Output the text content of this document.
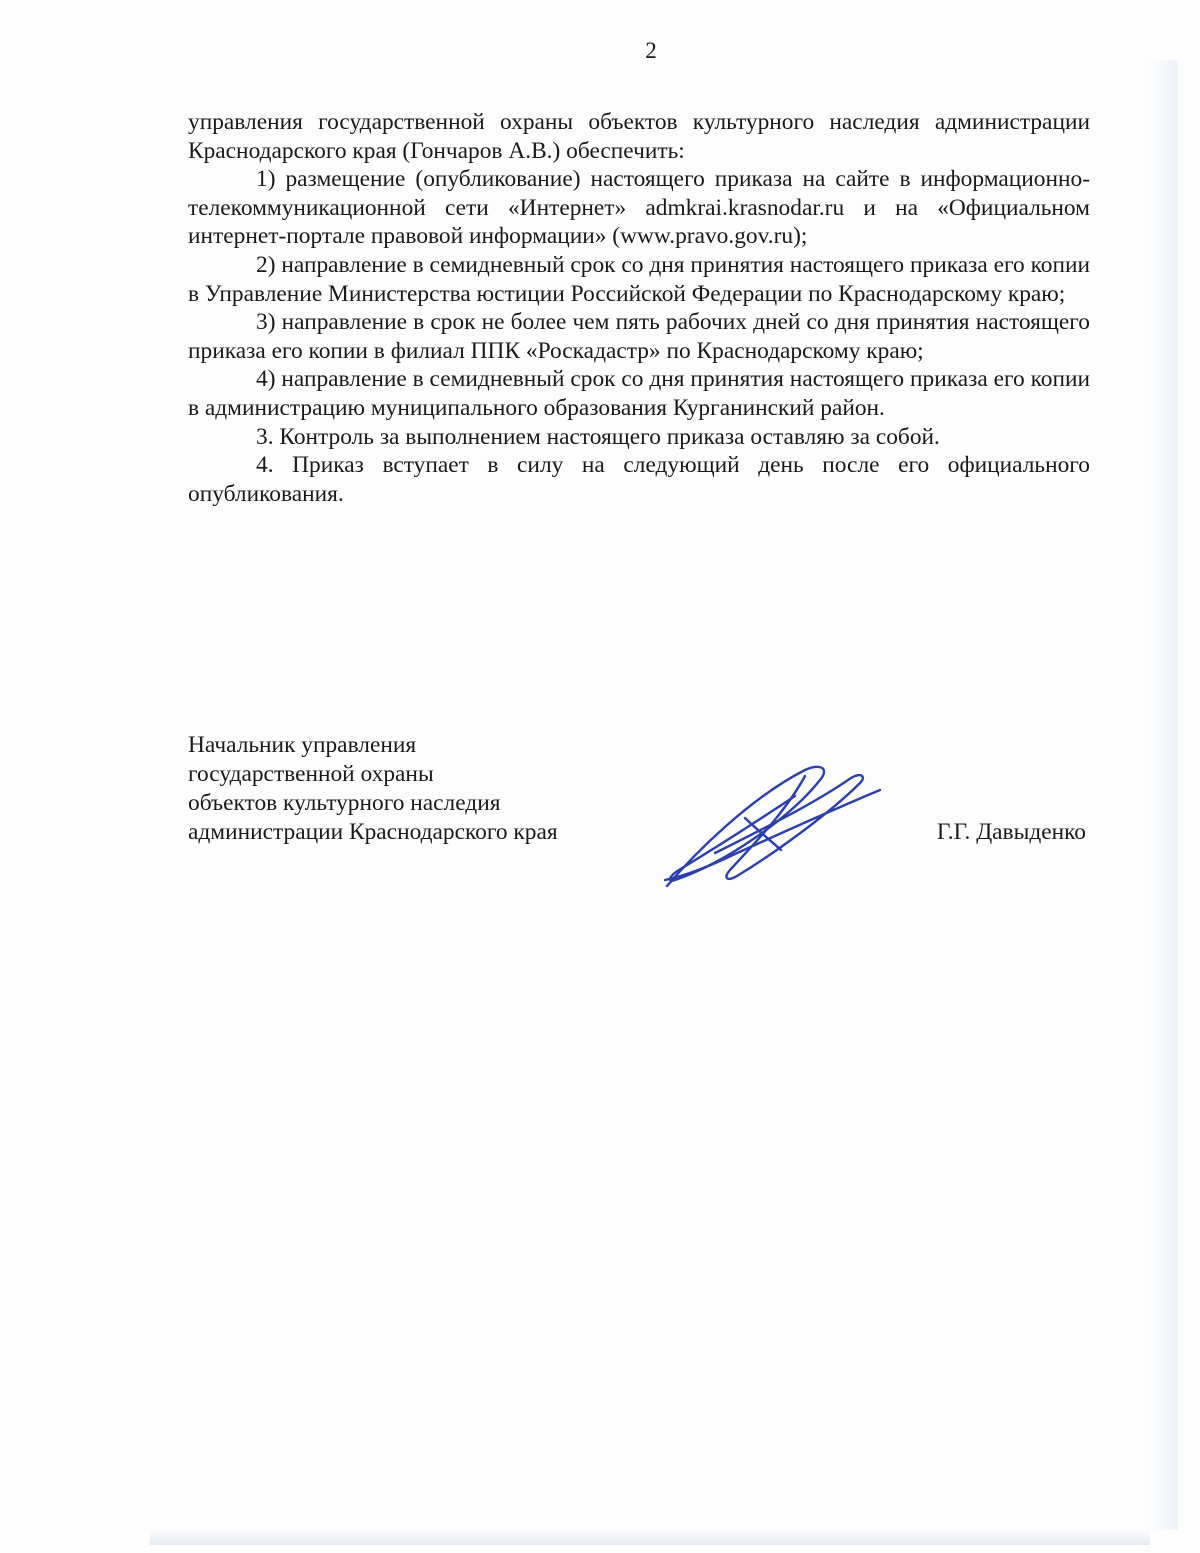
2

управления государственной охраны объектов культурного наследия администрации Краснодарского края (Гончаров А.В.) обеспечить:

1) размещение (опубликование) настоящего приказа на сайте в информационно-телекоммуникационной сети «Интернет» admkrai.krasnodar.ru и на «Официальном интернет-портале правовой информации» (www.pravo.gov.ru);

2) направление в семидневный срок со дня принятия настоящего приказа его копии в Управление Министерства юстиции Российской Федерации по Краснодарскому краю;

3) направление в срок не более чем пять рабочих дней со дня принятия настоящего приказа его копии в филиал ППК «Роскадастр» по Краснодарскому краю;

4) направление в семидневный срок со дня принятия настоящего приказа его копии в администрацию муниципального образования Курганинский район.

3. Контроль за выполнением настоящего приказа оставляю за собой.

4. Приказ вступает в силу на следующий день после его официального опубликования.

Начальник управления
государственной охраны
объектов культурного наследия
администрации Краснодарского края	Г.Г. Давыденко
